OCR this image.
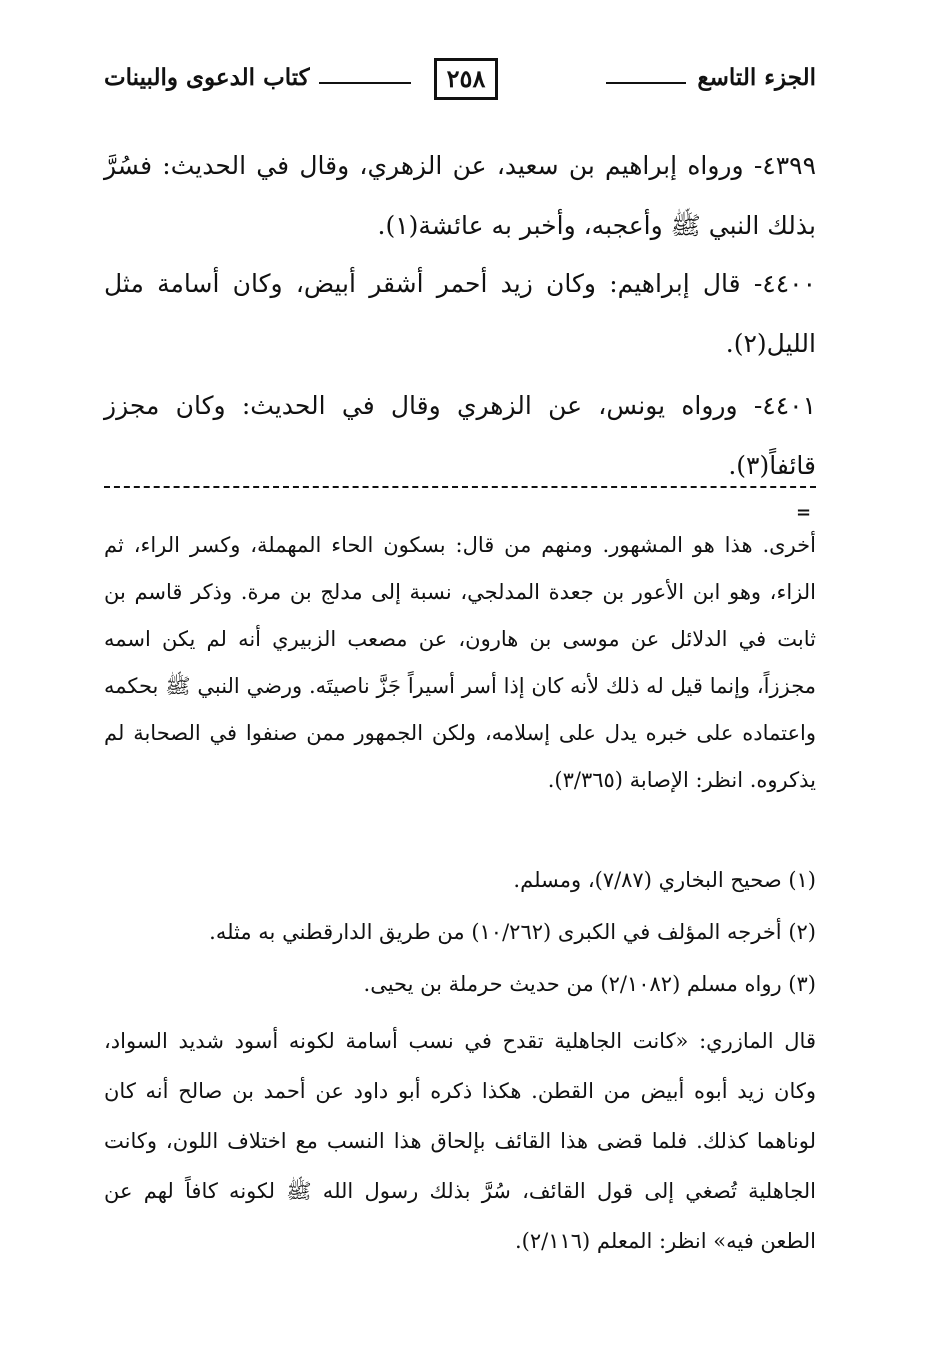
الجزء التاسع
٢٥٨
كتاب الدعوى والبينات

٤٣٩٩- ورواه إبراهيم بن سعيد، عن الزهري، وقال في الحديث: فسُرَّ بذلك النبي ﷺ وأعجبه، وأخبر به عائشة(١).

٤٤٠٠- قال إبراهيم: وكان زيد أحمر أشقر أبيض، وكان أسامة مثل الليل(٢).

٤٤٠١- ورواه يونس، عن الزهري وقال في الحديث: وكان مجزز قائفاً(٣).

=

أخرى. هذا هو المشهور. ومنهم من قال: بسكون الحاء المهملة، وكسر الراء، ثم الزاء، وهو ابن الأعور بن جعدة المدلجي، نسبة إلى مدلج بن مرة. وذكر قاسم بن ثابت في الدلائل عن موسى بن هارون، عن مصعب الزبيري أنه لم يكن اسمه مجززاً، وإنما قيل له ذلك لأنه كان إذا أسر أسيراً جَزَّ ناصيتَه. ورضي النبي ﷺ بحكمه واعتماده على خبره يدل على إسلامه، ولكن الجمهور ممن صنفوا في الصحابة لم يذكروه. انظر: الإصابة (٣/٣٦٥).

(١) صحيح البخاري (٧/٨٧)، ومسلم.
(٢) أخرجه المؤلف في الكبرى (١٠/٢٦٢) من طريق الدارقطني به مثله.
(٣) رواه مسلم (٢/١٠٨٢) من حديث حرملة بن يحيى.

قال المازري: «كانت الجاهلية تقدح في نسب أسامة لكونه أسود شديد السواد، وكان زيد أبوه أبيض من القطن. هكذا ذكره أبو داود عن أحمد بن صالح أنه كان لوناهما كذلك. فلما قضى هذا القائف بإلحاق هذا النسب مع اختلاف اللون، وكانت الجاهلية تُصغي إلى قول القائف، سُرَّ بذلك رسول الله ﷺ لكونه كافاً لهم عن الطعن فيه» انظر: المعلم (٢/١١٦).
